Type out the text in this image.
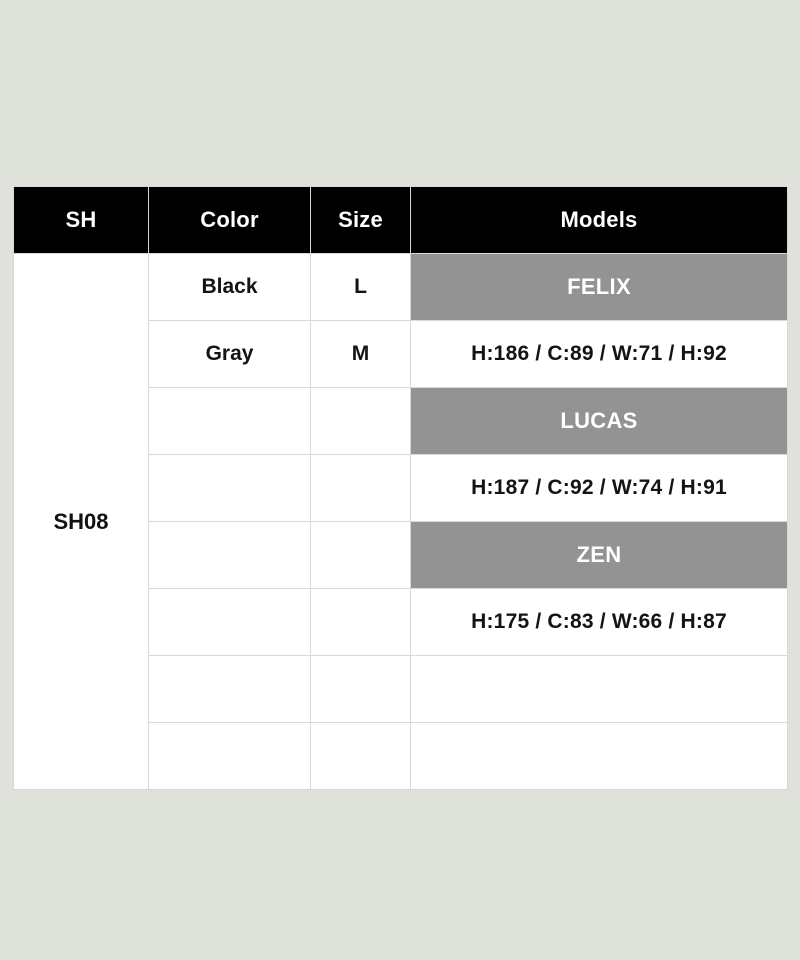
SH	Color	Size	Models
SH08	Black	L	FELIX
	Gray	M	H:186 / C:89 / W:71 / H:92
			LUCAS
			H:187 / C:92 / W:74 / H:91
			ZEN
			H:175 / C:83 / W:66 / H:87
